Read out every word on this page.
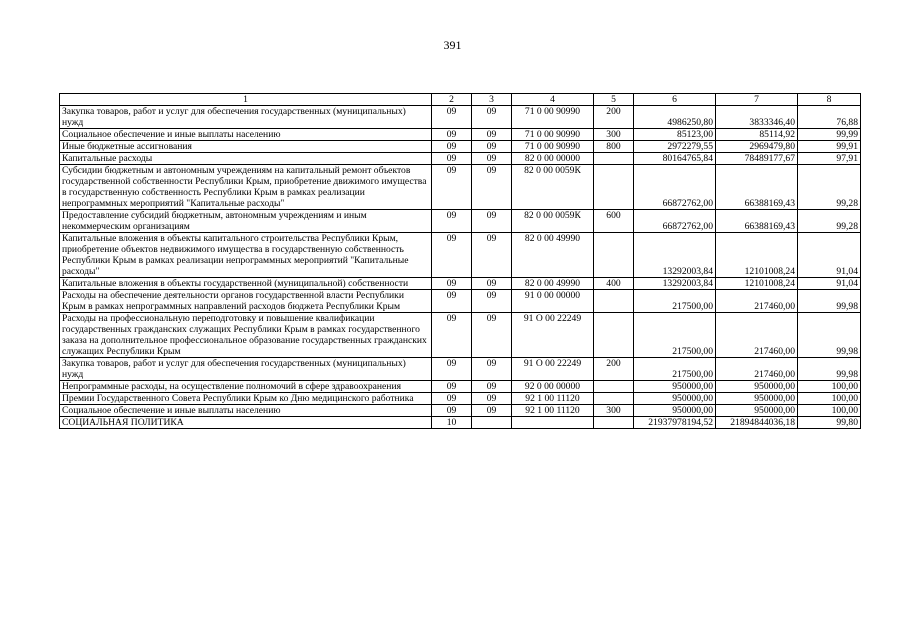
391
1	2	3	4	5	6	7	8
Закупка товаров, работ и услуг для обеспечения государственных (муниципальных) нужд	09	09	71 0 00 90990	200	4986250,80	3833346,40	76,88
Социальное обеспечение и иные выплаты населению	09	09	71 0 00 90990	300	85123,00	85114,92	99,99
Иные бюджетные ассигнования	09	09	71 0 00 90990	800	2972279,55	2969479,80	99,91
Капитальные расходы	09	09	82 0 00 00000		80164765,84	78489177,67	97,91
Субсидии бюджетным и автономным учреждениям на капитальный ремонт объектов государственной собственности Республики Крым, приобретение движимого имущества в государственную собственность Республики Крым в рамках реализации непрограммных мероприятий "Капитальные расходы"	09	09	82 0 00 0059К		66872762,00	66388169,43	99,28
Предоставление субсидий бюджетным, автономным учреждениям и иным некоммерческим организациям	09	09	82 0 00 0059К	600	66872762,00	66388169,43	99,28
Капитальные вложения в объекты капитального строительства Республики Крым, приобретение объектов недвижимого имущества в государственную собственность Республики Крым в рамках реализации непрограммных мероприятий "Капитальные расходы"	09	09	82 0 00 49990		13292003,84	12101008,24	91,04
Капитальные вложения в объекты государственной (муниципальной) собственности	09	09	82 0 00 49990	400	13292003,84	12101008,24	91,04
Расходы на обеспечение деятельности органов государственной власти Республики Крым в рамках непрограммных направлений расходов бюджета Республики Крым	09	09	91 0 00 00000		217500,00	217460,00	99,98
Расходы на профессиональную переподготовку и повышение квалификации государственных гражданских служащих Республики Крым в рамках государственного заказа на дополнительное профессиональное образование государственных гражданских служащих Республики Крым	09	09	91 О 00 22249		217500,00	217460,00	99,98
Закупка товаров, работ и услуг для обеспечения государственных (муниципальных) нужд	09	09	91 О 00 22249	200	217500,00	217460,00	99,98
Непрограммные расходы, на осуществление полномочий в сфере здравоохранения	09	09	92 0 00 00000		950000,00	950000,00	100,00
Премии Государственного Совета Республики Крым ко Дню медицинского работника	09	09	92 1 00 11120		950000,00	950000,00	100,00
Социальное обеспечение и иные выплаты населению	09	09	92 1 00 11120	300	950000,00	950000,00	100,00
СОЦИАЛЬНАЯ ПОЛИТИКА	10				21937978194,52	21894844036,18	99,80
